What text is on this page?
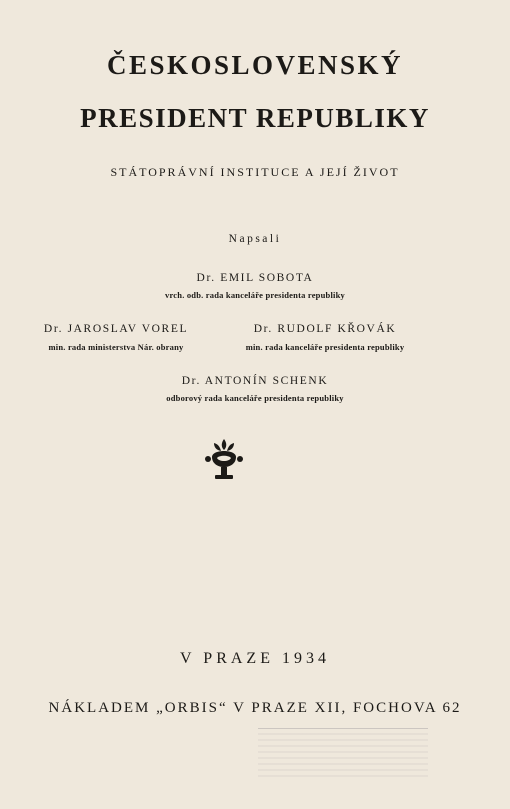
ČESKOSLOVENSKÝ
PRESIDENT REPUBLIKY
STÁTOPRÁVNÍ INSTITUCE A JEJÍ ŽIVOT
Napsali
Dr. EMIL SOBOTA
vrch. odb. rada kanceláře presidenta republiky
Dr. JAROSLAV VOREL
min. rada ministerstva Nár. obrany
Dr. RUDOLF KŘOVÁK
min. rada kanceláře presidenta republiky
Dr. ANTONÍN SCHENK
odborový rada kanceláře presidenta republiky
V PRAZE 1934
NÁKLADEM „ORBIS“ V PRAZE XII, FOCHOVA 62
